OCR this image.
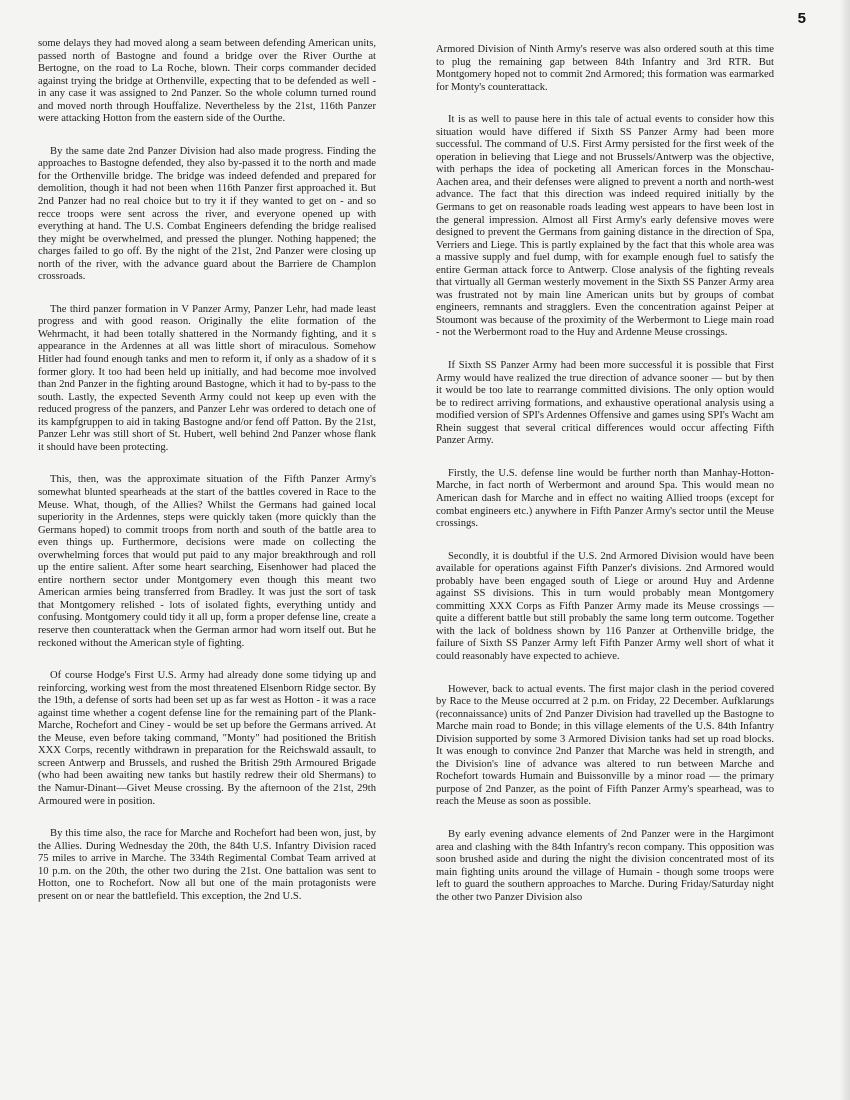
5

some delays they had moved along a seam between defending American units, passed north of Bastogne and found a bridge over the River Ourthe at Bertogne, on the road to La Roche, blown. Their corps commander decided against trying the bridge at Orthenville, expecting that to be defended as well - in any case it was assigned to 2nd Panzer. So the whole column turned round and moved north through Houffalize. Nevertheless by the 21st, 116th Panzer were attacking Hotton from the eastern side of the Ourthe.

By the same date 2nd Panzer Division had also made progress. Finding the approaches to Bastogne defended, they also by-passed it to the north and made for the Orthenville bridge. The bridge was indeed defended and prepared for demolition, though it had not been when 116th Panzer first approached it. But 2nd Panzer had no real choice but to try it if they wanted to get on - and so recce troops were sent across the river, and everyone opened up with everything at hand. The U.S. Combat Engineers defending the bridge realised they might be overwhelmed, and pressed the plunger. Nothing happened; the charges failed to go off. By the night of the 21st, 2nd Panzer were closing up north of the river, with the advance guard about the Barriere de Champlon crossroads.

The third panzer formation in V Panzer Army, Panzer Lehr, had made least progress and with good reason. Originally the elite formation of the Wehrmacht, it had been totally shattered in the Normandy fighting, and it s appearance in the Ardennes at all was little short of miraculous. Somehow Hitler had found enough tanks and men to reform it, if only as a shadow of it s former glory. It too had been held up initially, and had become moe involved than 2nd Panzer in the fighting around Bastogne, which it had to by-pass to the south. Lastly, the expected Seventh Army could not keep up even with the reduced progress of the panzers, and Panzer Lehr was ordered to detach one of its kampfgruppen to aid in taking Bastogne and/or fend off Patton. By the 21st, Panzer Lehr was still short of St. Hubert, well behind 2nd Panzer whose flank it should have been protecting.

This, then, was the approximate situation of the Fifth Panzer Army's somewhat blunted spearheads at the start of the battles covered in Race to the Meuse. What, though, of the Allies? Whilst the Germans had gained local superiority in the Ardennes, steps were quickly taken (more quickly than the Germans hoped) to commit troops from north and south of the battle area to even things up. Furthermore, decisions were made on collecting the overwhelming forces that would put paid to any major breakthrough and roll up the entire salient. After some heart searching, Eisenhower had placed the entire northern sector under Montgomery even though this meant two American armies being transferred from Bradley. It was just the sort of task that Montgomery relished - lots of isolated fights, everything untidy and confusing. Montgomery could tidy it all up, form a proper defense line, create a reserve then counterattack when the German armor had worn itself out. But he reckoned without the American style of fighting.

Of course Hodge's First U.S. Army had already done some tidying up and reinforcing, working west from the most threatened Elsenborn Ridge sector. By the 19th, a defense of sorts had been set up as far west as Hotton - it was a race against time whether a cogent defense line for the remaining part of the Plank-Marche, Rochefort and Ciney - would be set up before the Germans arrived. At the Meuse, even before taking command, "Monty" had positioned the British XXX Corps, recently withdrawn in preparation for the Reichswald assault, to screen Antwerp and Brussels, and rushed the British 29th Armoured Brigade (who had been awaiting new tanks but hastily redrew their old Shermans) to the Namur-Dinant—Givet Meuse crossing. By the afternoon of the 21st, 29th Armoured were in position.

By this time also, the race for Marche and Rochefort had been won, just, by the Allies. During Wednesday the 20th, the 84th U.S. Infantry Division raced 75 miles to arrive in Marche. The 334th Regimental Combat Team arrived at 10 p.m. on the 20th, the other two during the 21st. One battalion was sent to Hotton, one to Rochefort. Now all but one of the main protagonists were present on or near the battlefield. This exception, the 2nd U.S.

Armored Division of Ninth Army's reserve was also ordered south at this time to plug the remaining gap between 84th Infantry and 3rd RTR. But Montgomery hoped not to commit 2nd Armored; this formation was earmarked for Monty's counterattack.

It is as well to pause here in this tale of actual events to consider how this situation would have differed if Sixth SS Panzer Army had been more successful. The command of U.S. First Army persisted for the first week of the operation in believing that Liege and not Brussels/Antwerp was the objective, with perhaps the idea of pocketing all American forces in the Monschau-Aachen area, and their defenses were aligned to prevent a north and north-west advance. The fact that this direction was indeed required initially by the Germans to get on reasonable roads leading west appears to have been lost in the general impression. Almost all First Army's early defensive moves were designed to prevent the Germans from gaining distance in the direction of Spa, Verriers and Liege. This is partly explained by the fact that this whole area was a massive supply and fuel dump, with for example enough fuel to satisfy the entire German attack force to Antwerp. Close analysis of the fighting reveals that virtually all German westerly movement in the Sixth SS Panzer Army area was frustrated not by main line American units but by groups of combat engineers, remnants and stragglers. Even the concentration against Peiper at Stoumont was because of the proximity of the Werbermont to Liege main road - not the Werbermont road to the Huy and Ardenne Meuse crossings.

If Sixth SS Panzer Army had been more successful it is possible that First Army would have realized the true direction of advance sooner — but by then it would be too late to rearrange committed divisions. The only option would be to redirect arriving formations, and exhaustive operational analysis using a modified version of SPI's Ardennes Offensive and games using SPI's Wacht am Rhein suggest that several critical differences would occur affecting Fifth Panzer Army.

Firstly, the U.S. defense line would be further north than Manhay-Hotton-Marche, in fact north of Werbermont and around Spa. This would mean no American dash for Marche and in effect no waiting Allied troops (except for combat engineers etc.) anywhere in Fifth Panzer Army's sector until the Meuse crossings.

Secondly, it is doubtful if the U.S. 2nd Armored Division would have been available for operations against Fifth Panzer's divisions. 2nd Armored would probably have been engaged south of Liege or around Huy and Ardenne against SS divisions. This in turn would probably mean Montgomery committing XXX Corps as Fifth Panzer Army made its Meuse crossings — quite a different battle but still probably the same long term outcome. Together with the lack of boldness shown by 116 Panzer at Orthenville bridge, the failure of Sixth SS Panzer Army left Fifth Panzer Army well short of what it could reasonably have expected to achieve.

However, back to actual events. The first major clash in the period covered by Race to the Meuse occurred at 2 p.m. on Friday, 22 December. Aufklarungs (reconnaissance) units of 2nd Panzer Division had travelled up the Bastogne to Marche main road to Bonde; in this village elements of the U.S. 84th Infantry Division supported by some 3 Armored Division tanks had set up road blocks. It was enough to convince 2nd Panzer that Marche was held in strength, and the Division's line of advance was altered to run between Marche and Rochefort towards Humain and Buissonville by a minor road — the primary purpose of 2nd Panzer, as the point of Fifth Panzer Army's spearhead, was to reach the Meuse as soon as possible.

By early evening advance elements of 2nd Panzer were in the Hargimont area and clashing with the 84th Infantry's recon company. This opposition was soon brushed aside and during the night the division concentrated most of its main fighting units around the village of Humain - though some troops were left to guard the southern approaches to Marche. During Friday/Saturday night the other two Panzer Division also
